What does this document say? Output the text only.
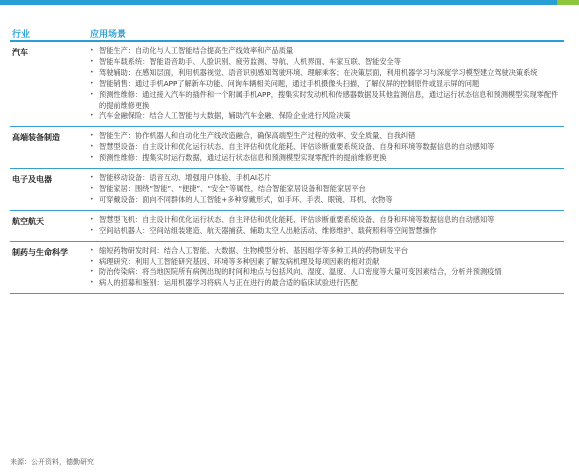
行业	应用场景
汽车	• 智能生产：自动化与人工智能结合提高生产线效率和产品质量
• 智能车载系统：智能语音助手、人脸识别、疲劳监测、导航、人机界面、车家互联、智能安全等
• 驾驶辅助：在感知层面，利用机器视觉、语音识别感知驾驶环境、理解乘客；在决策层面，利用机器学习与深度学习模型建立驾驶决策系统
• 智能销售：通过手机APP了解新车功能、问询车辆相关问题，通过手机摄像头扫描，了解仪屏的控制原件或显示屏的问题
• 预测性维修：通过接入汽车的插件和一个附属手机APP，搜集实时发动机和传感器数据及其他监测信息，通过运行状态信息和预测模型实现零配件的提前维修更换
• 汽车金融保险：结合人工智能与大数据，辅助汽车金融、保险企业进行风险决策
高端装备制造	• 智能生产：协作机器人和自动化生产线改造融合，确保高端型生产过程的效率、安全质量、自我纠错
• 智慧型设备：自主设计和优化运行状态、自主评估和优化能耗、评估诊断重要系统设备、自身和环境等数据信息的自动感知等
• 预测性维修：搜集实时运行数据，通过运行状态信息和预测模型实现零配件的提前维修更换
电子及电器	• 智能移动设备：语音互动、增强用户体验、手机AI芯片
• 智能家居：围绕“智能”、“便捷”、“安全”等属性，结合智能家居设备和智能家居平台
• 可穿戴设备：面向不同群体的人工智能+多种穿戴形式，如手环、手表、眼镜、耳机、衣物等
航空航天	• 智慧型飞机：自主设计和优化运行状态、自主评估和优化能耗、评估诊断重要系统设备、自身和环境等数据信息的自动感知等
• 空间站机器人：空间站组装建造、航天器捕获、辅助太空人出舱活动、维修维护、载荷照料等空间智慧操作
制药与生命科学	• 缩短药物研发时间：结合人工智能、大数据、生物模型分析、基因组学等多种工具的药物研发平台
• 病理研究：利用人工智能研究基因、环境等多种因素了解发病机理及每项因素的相对贡献
• 防治传染病：将当地医院所有病例出现的时间和地点与包括风向、湿度、温度、人口密度等大量可变因素结合，分析并预测疫情
• 病人的招募和鉴别：运用机器学习将病人与正在进行的最合适的临床试验进行匹配
来源：公开资料，德勤研究
